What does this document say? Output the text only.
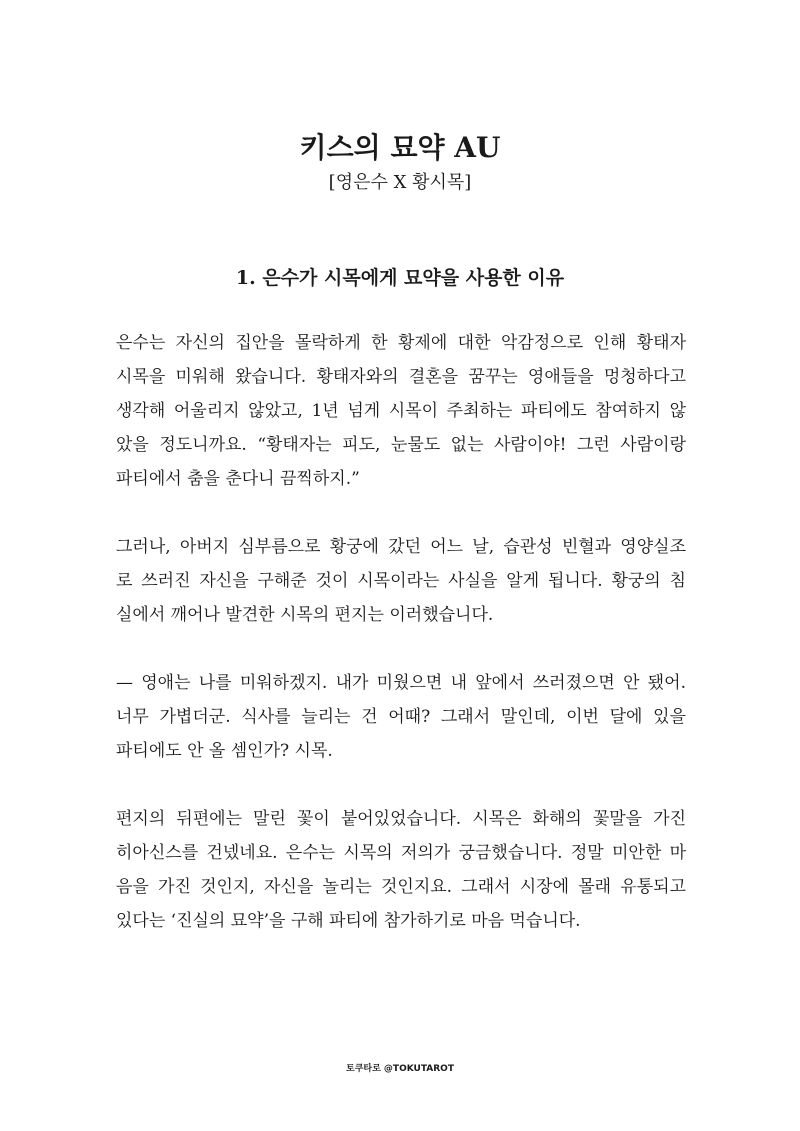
키스의 묘약 AU
[영은수 X 황시목]
1. 은수가 시목에게 묘약을 사용한 이유
은수는 자신의 집안을 몰락하게 한 황제에 대한 악감정으로 인해 황태자
시목을 미워해 왔습니다. 황태자와의 결혼을 꿈꾸는 영애들을 멍청하다고
생각해 어울리지 않았고, 1년 넘게 시목이 주최하는 파티에도 참여하지 않
았을 정도니까요. “황태자는 피도, 눈물도 없는 사람이야! 그런 사람이랑
파티에서 춤을 춘다니 끔찍하지.”
그러나, 아버지 심부름으로 황궁에 갔던 어느 날, 습관성 빈혈과 영양실조
로 쓰러진 자신을 구해준 것이 시목이라는 사실을 알게 됩니다. 황궁의 침
실에서 깨어나 발견한 시목의 편지는 이러했습니다.
— 영애는 나를 미워하겠지. 내가 미웠으면 내 앞에서 쓰러졌으면 안 됐어.
너무 가볍더군. 식사를 늘리는 건 어때? 그래서 말인데, 이번 달에 있을
파티에도 안 올 셈인가? 시목.
편지의 뒤편에는 말린 꽃이 붙어있었습니다. 시목은 화해의 꽃말을 가진
히아신스를 건넸네요. 은수는 시목의 저의가 궁금했습니다. 정말 미안한 마
음을 가진 것인지, 자신을 놀리는 것인지요. 그래서 시장에 몰래 유통되고
있다는 ‘진실의 묘약’을 구해 파티에 참가하기로 마음 먹습니다.
토쿠타로 @TOKUTAROT
